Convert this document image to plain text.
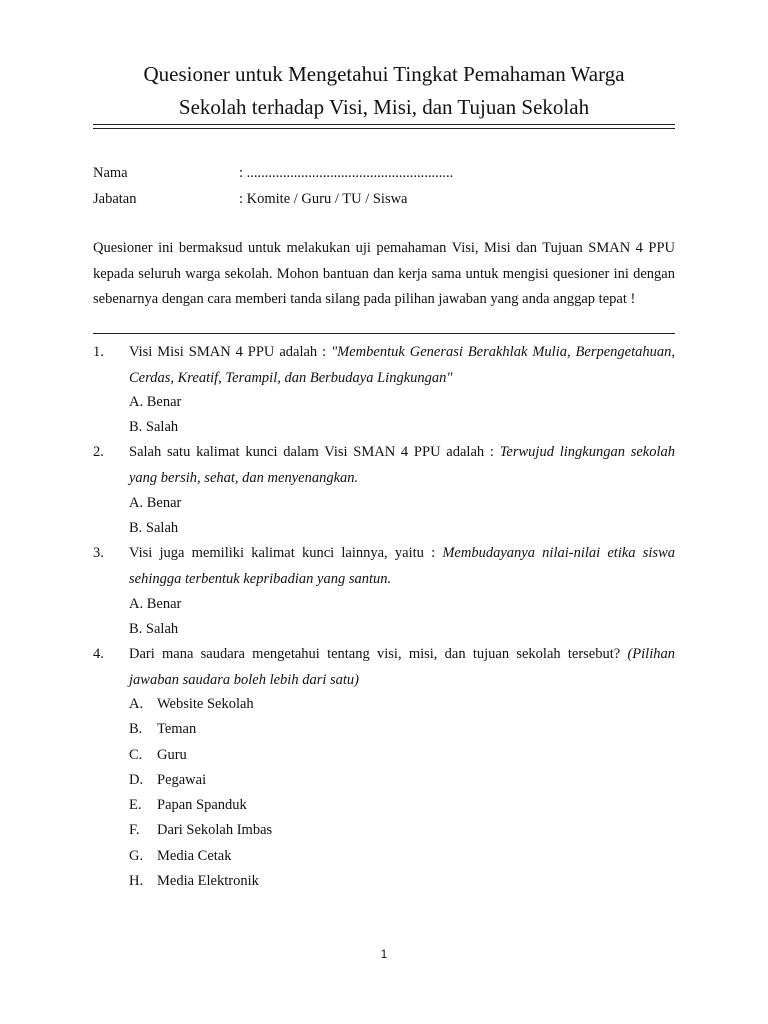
Quesioner untuk Mengetahui Tingkat Pemahaman Warga
Sekolah terhadap Visi, Misi, dan Tujuan Sekolah
Nama	: .........................................................
Jabatan	: Komite / Guru / TU / Siswa
Quesioner ini bermaksud untuk melakukan uji pemahaman Visi, Misi dan Tujuan SMAN 4 PPU kepada seluruh warga sekolah. Mohon bantuan dan kerja sama untuk mengisi quesioner ini dengan sebenarnya dengan cara memberi tanda silang pada pilihan jawaban yang anda anggap tepat !
1. Visi Misi SMAN 4 PPU adalah : "Membentuk Generasi Berakhlak Mulia, Berpengetahuan, Cerdas, Kreatif, Terampil, dan Berbudaya Lingkungan"
A. Benar
B. Salah
2. Salah satu kalimat kunci dalam Visi SMAN 4 PPU adalah : Terwujud lingkungan sekolah yang bersih, sehat, dan menyenangkan.
A. Benar
B. Salah
3. Visi juga memiliki kalimat kunci lainnya, yaitu : Membudayanya nilai-nilai etika siswa sehingga terbentuk kepribadian yang santun.
A. Benar
B. Salah
4. Dari mana saudara mengetahui tentang visi, misi, dan tujuan sekolah tersebut? (Pilihan jawaban saudara boleh lebih dari satu)
A. Website Sekolah
B. Teman
C. Guru
D. Pegawai
E. Papan Spanduk
F. Dari Sekolah Imbas
G. Media Cetak
H. Media Elektronik
1
